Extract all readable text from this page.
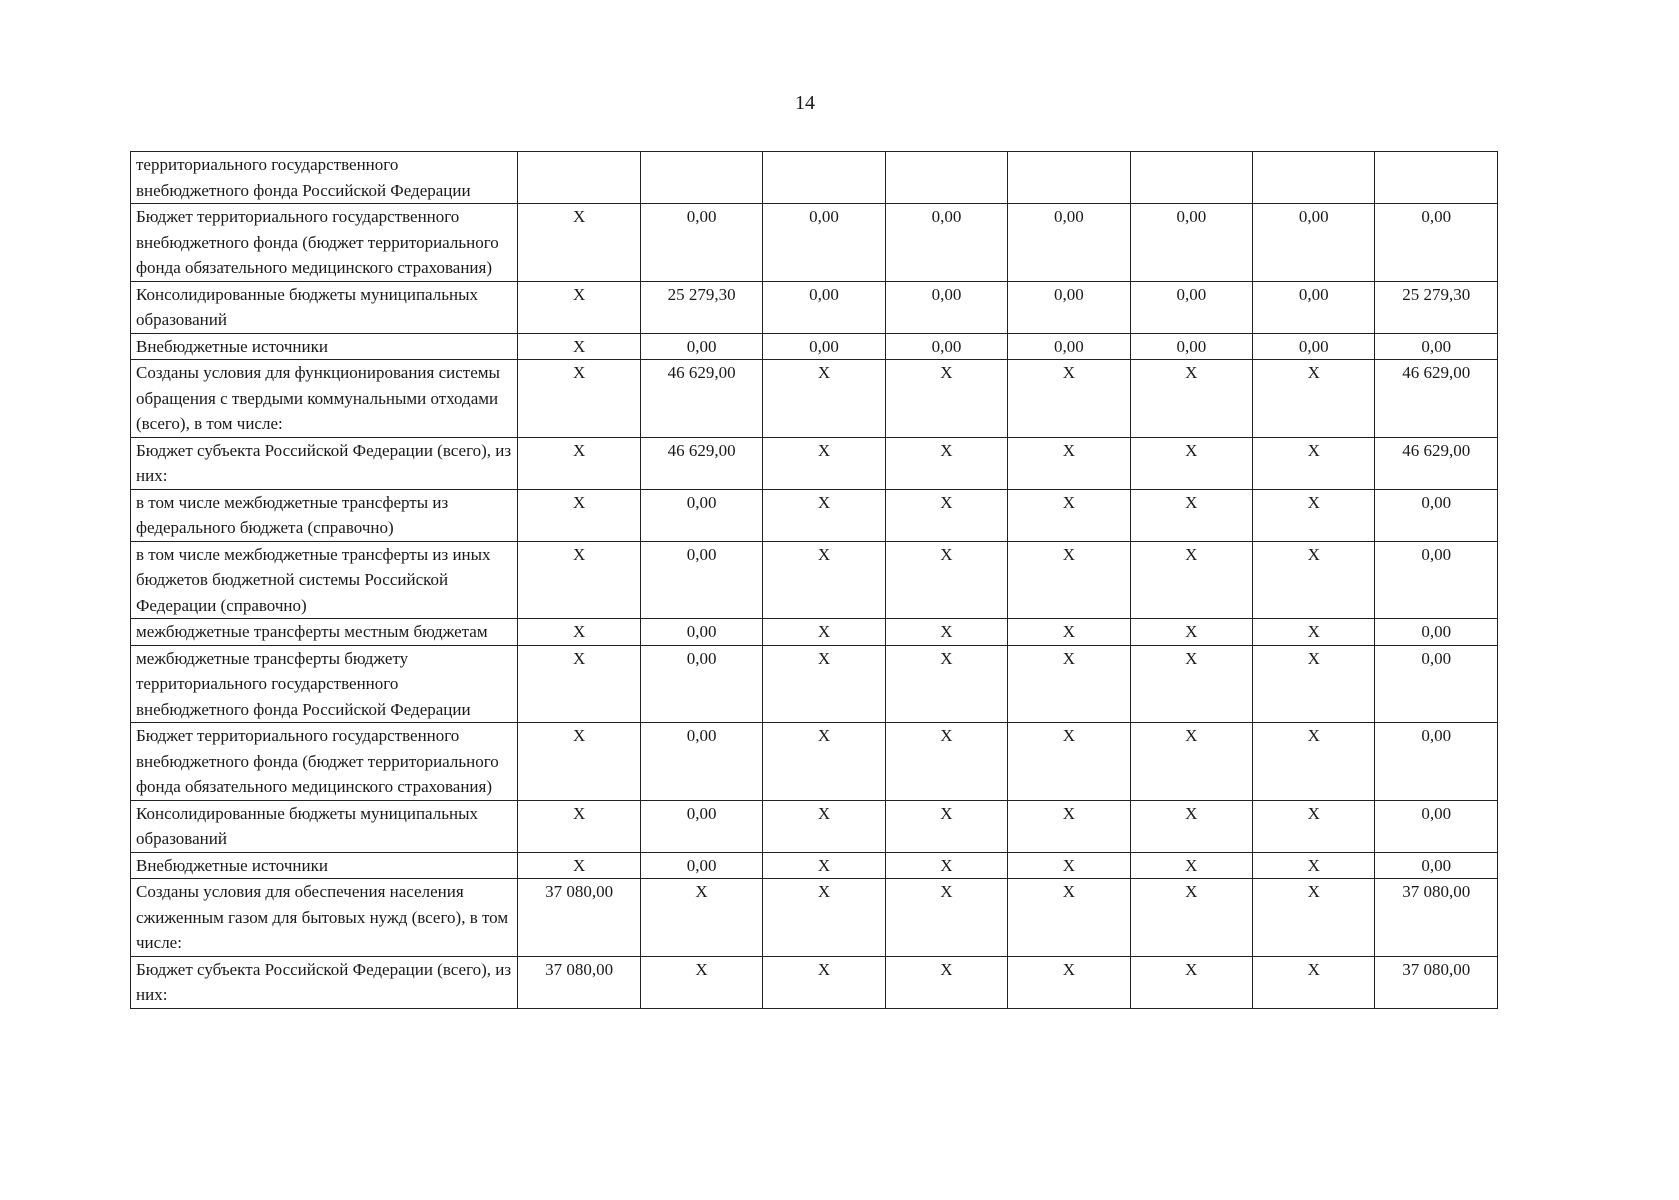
14
территориального государственного внебюджетного фонда Российской Федерации								
Бюджет территориального государственного внебюджетного фонда (бюджет территориального фонда обязательного медицинского страхования)	X	0,00	0,00	0,00	0,00	0,00	0,00	0,00
Консолидированные бюджеты муниципальных образований	X	25 279,30	0,00	0,00	0,00	0,00	0,00	25 279,30
Внебюджетные источники	X	0,00	0,00	0,00	0,00	0,00	0,00	0,00
Созданы условия для функционирования системы обращения с твердыми коммунальными отходами (всего), в том числе:	X	46 629,00	X	X	X	X	X	46 629,00
Бюджет субъекта Российской Федерации (всего), из них:	X	46 629,00	X	X	X	X	X	46 629,00
в том числе межбюджетные трансферты из федерального бюджета (справочно)	X	0,00	X	X	X	X	X	0,00
в том числе межбюджетные трансферты из иных бюджетов бюджетной системы Российской Федерации (справочно)	X	0,00	X	X	X	X	X	0,00
межбюджетные трансферты местным бюджетам	X	0,00	X	X	X	X	X	0,00
межбюджетные трансферты бюджету территориального государственного внебюджетного фонда Российской Федерации	X	0,00	X	X	X	X	X	0,00
Бюджет территориального государственного внебюджетного фонда (бюджет территориального фонда обязательного медицинского страхования)	X	0,00	X	X	X	X	X	0,00
Консолидированные бюджеты муниципальных образований	X	0,00	X	X	X	X	X	0,00
Внебюджетные источники	X	0,00	X	X	X	X	X	0,00
Созданы условия для обеспечения населения сжиженным газом для бытовых нужд (всего), в том числе:	37 080,00	X	X	X	X	X	X	37 080,00
Бюджет субъекта Российской Федерации (всего), из них:	37 080,00	X	X	X	X	X	X	37 080,00
